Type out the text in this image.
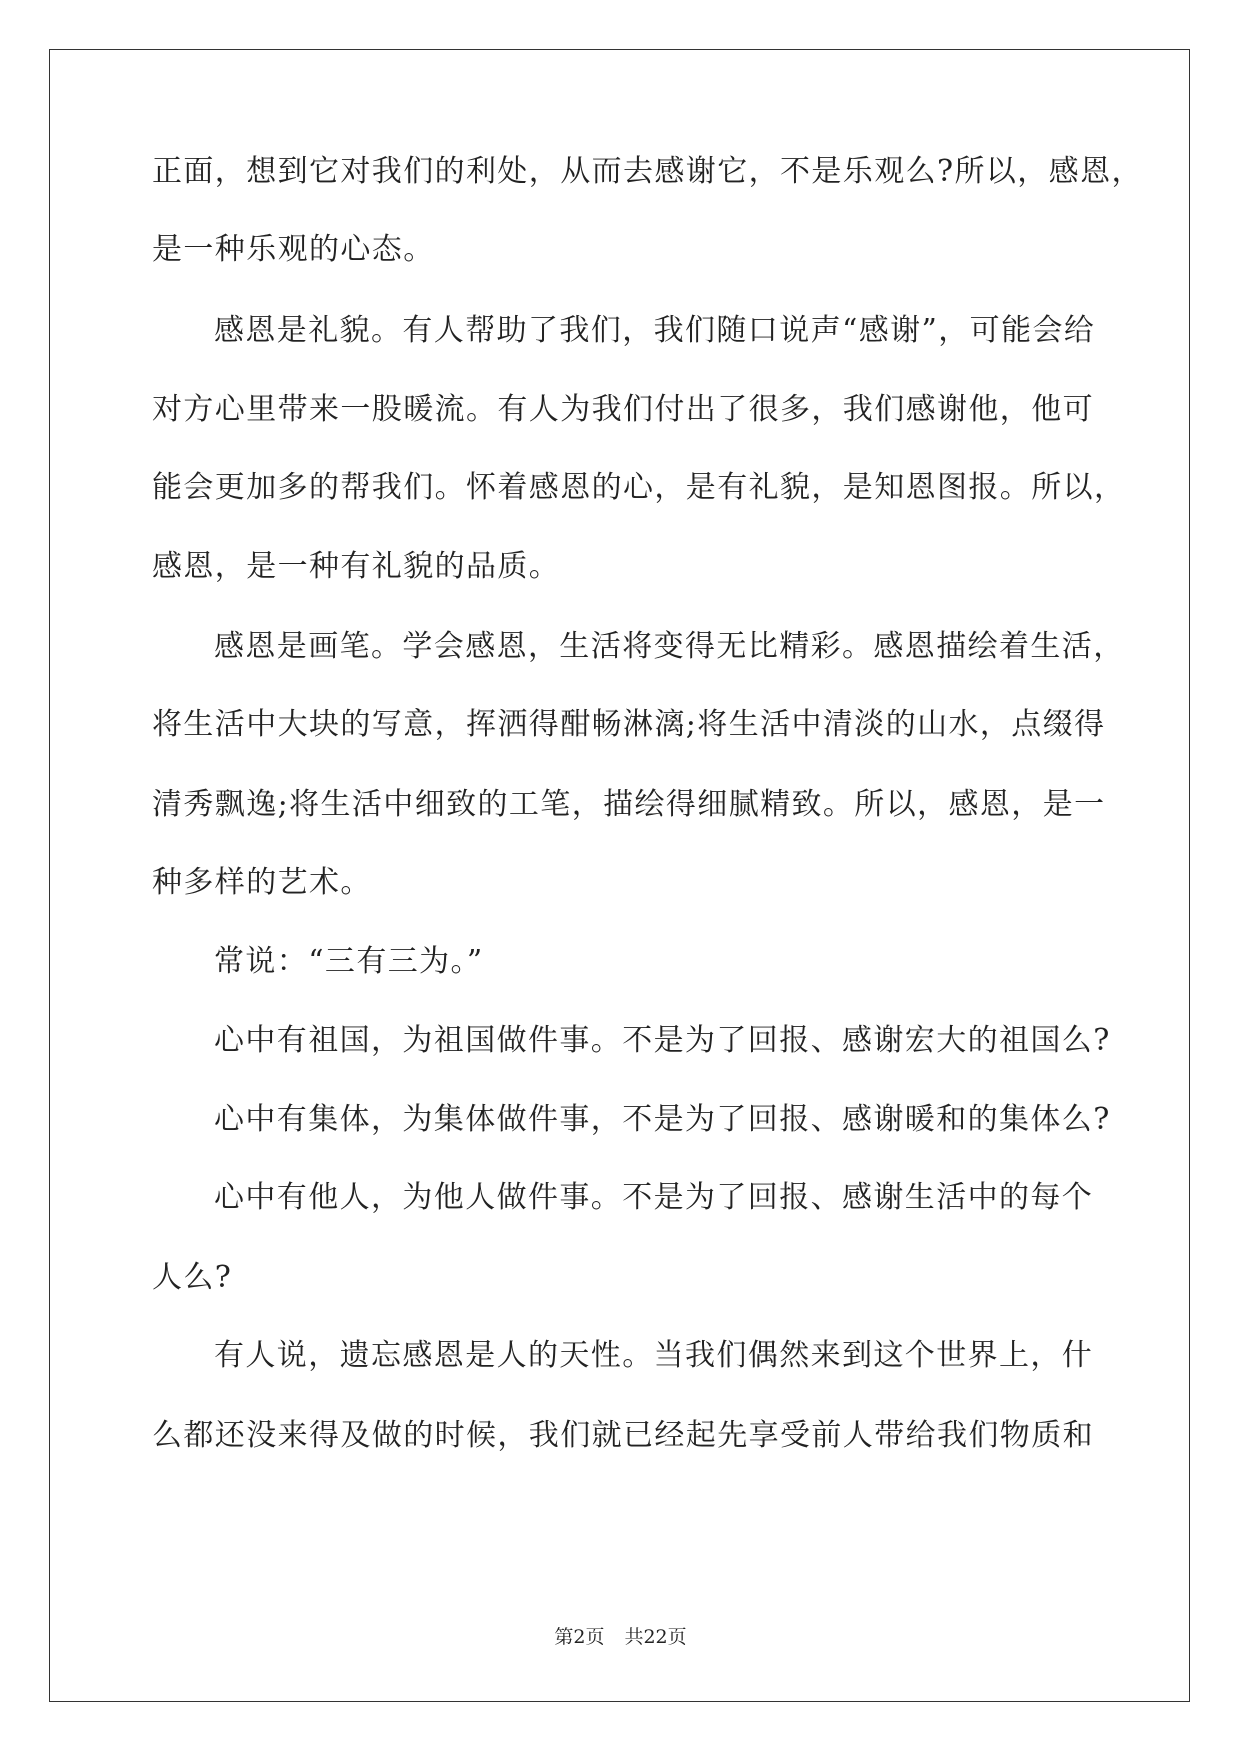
正面，想到它对我们的利处，从而去感谢它，不是乐观么?所以，感恩，
是一种乐观的心态。
感恩是礼貌。有人帮助了我们，我们随口说声“感谢”，可能会给
对方心里带来一股暖流。有人为我们付出了很多，我们感谢他，他可
能会更加多的帮我们。怀着感恩的心，是有礼貌，是知恩图报。所以，
感恩，是一种有礼貌的品质。
感恩是画笔。学会感恩，生活将变得无比精彩。感恩描绘着生活，
将生活中大块的写意，挥洒得酣畅淋漓;将生活中清淡的山水，点缀得
清秀飘逸;将生活中细致的工笔，描绘得细腻精致。所以，感恩，是一
种多样的艺术。
常说：“三有三为。”
心中有祖国，为祖国做件事。不是为了回报、感谢宏大的祖国么?
心中有集体，为集体做件事，不是为了回报、感谢暖和的集体么?
心中有他人，为他人做件事。不是为了回报、感谢生活中的每个
人么?
有人说，遗忘感恩是人的天性。当我们偶然来到这个世界上，什
么都还没来得及做的时候，我们就已经起先享受前人带给我们物质和
第2页 共22页
